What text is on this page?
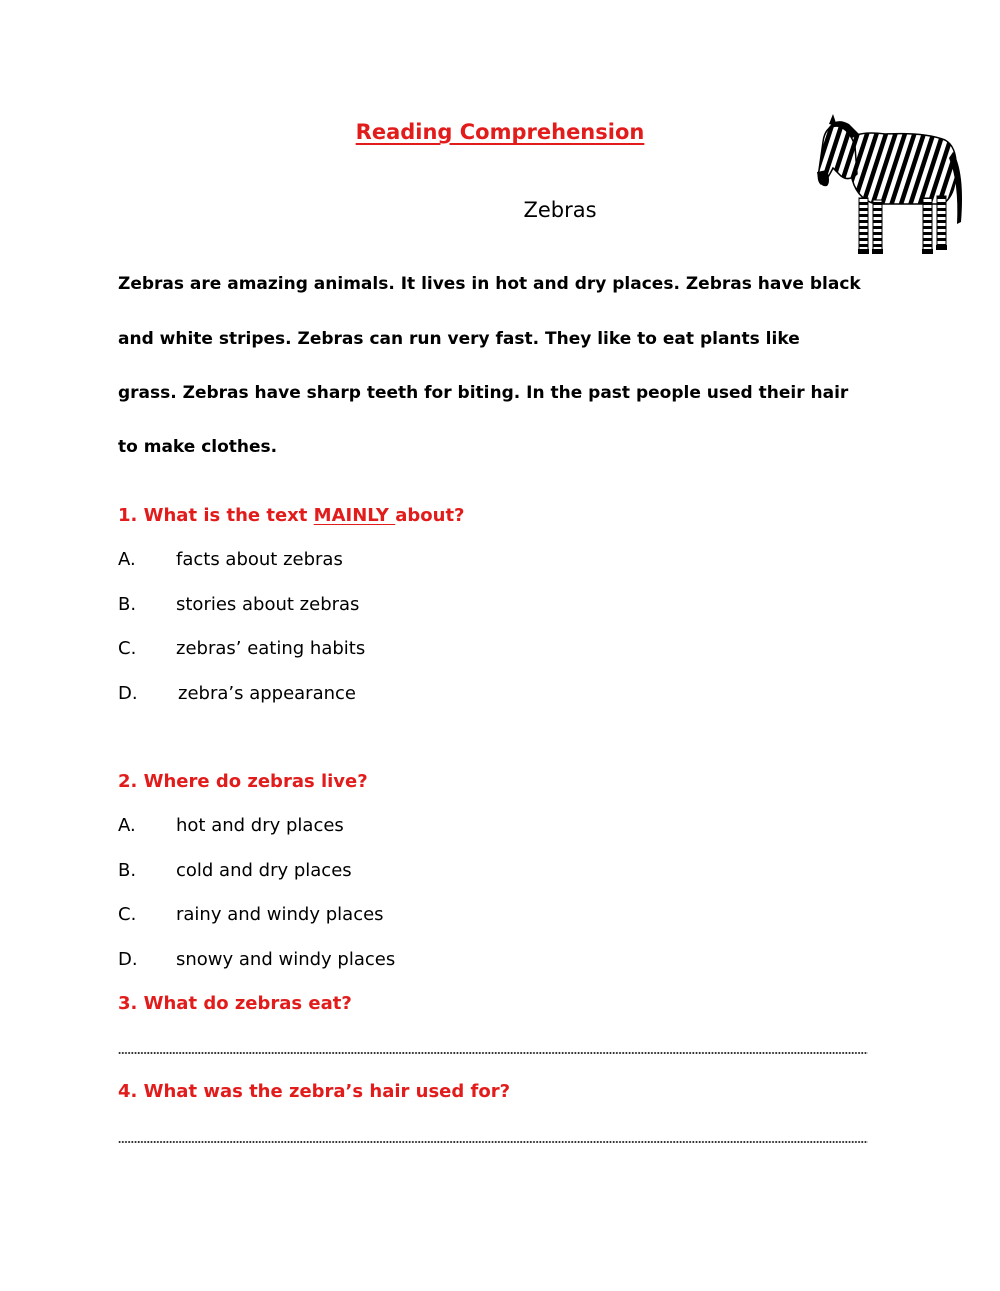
Reading Comprehension
Zebras
Zebras are amazing animals. It lives in hot and dry places. Zebras have black
and white stripes. Zebras can run very fast. They like to eat plants like
grass. Zebras have sharp teeth for biting. In the past people used their hair
to make clothes.
1. What is the text MAINLY about?
A. facts about zebras
B. stories about zebras
C. zebras’ eating habits
D. zebra’s appearance
2. Where do zebras live?
A. hot and dry places
B. cold and dry places
C. rainy and windy places
D. snowy and windy places
3. What do zebras eat?
4. What was the zebra’s hair used for?
